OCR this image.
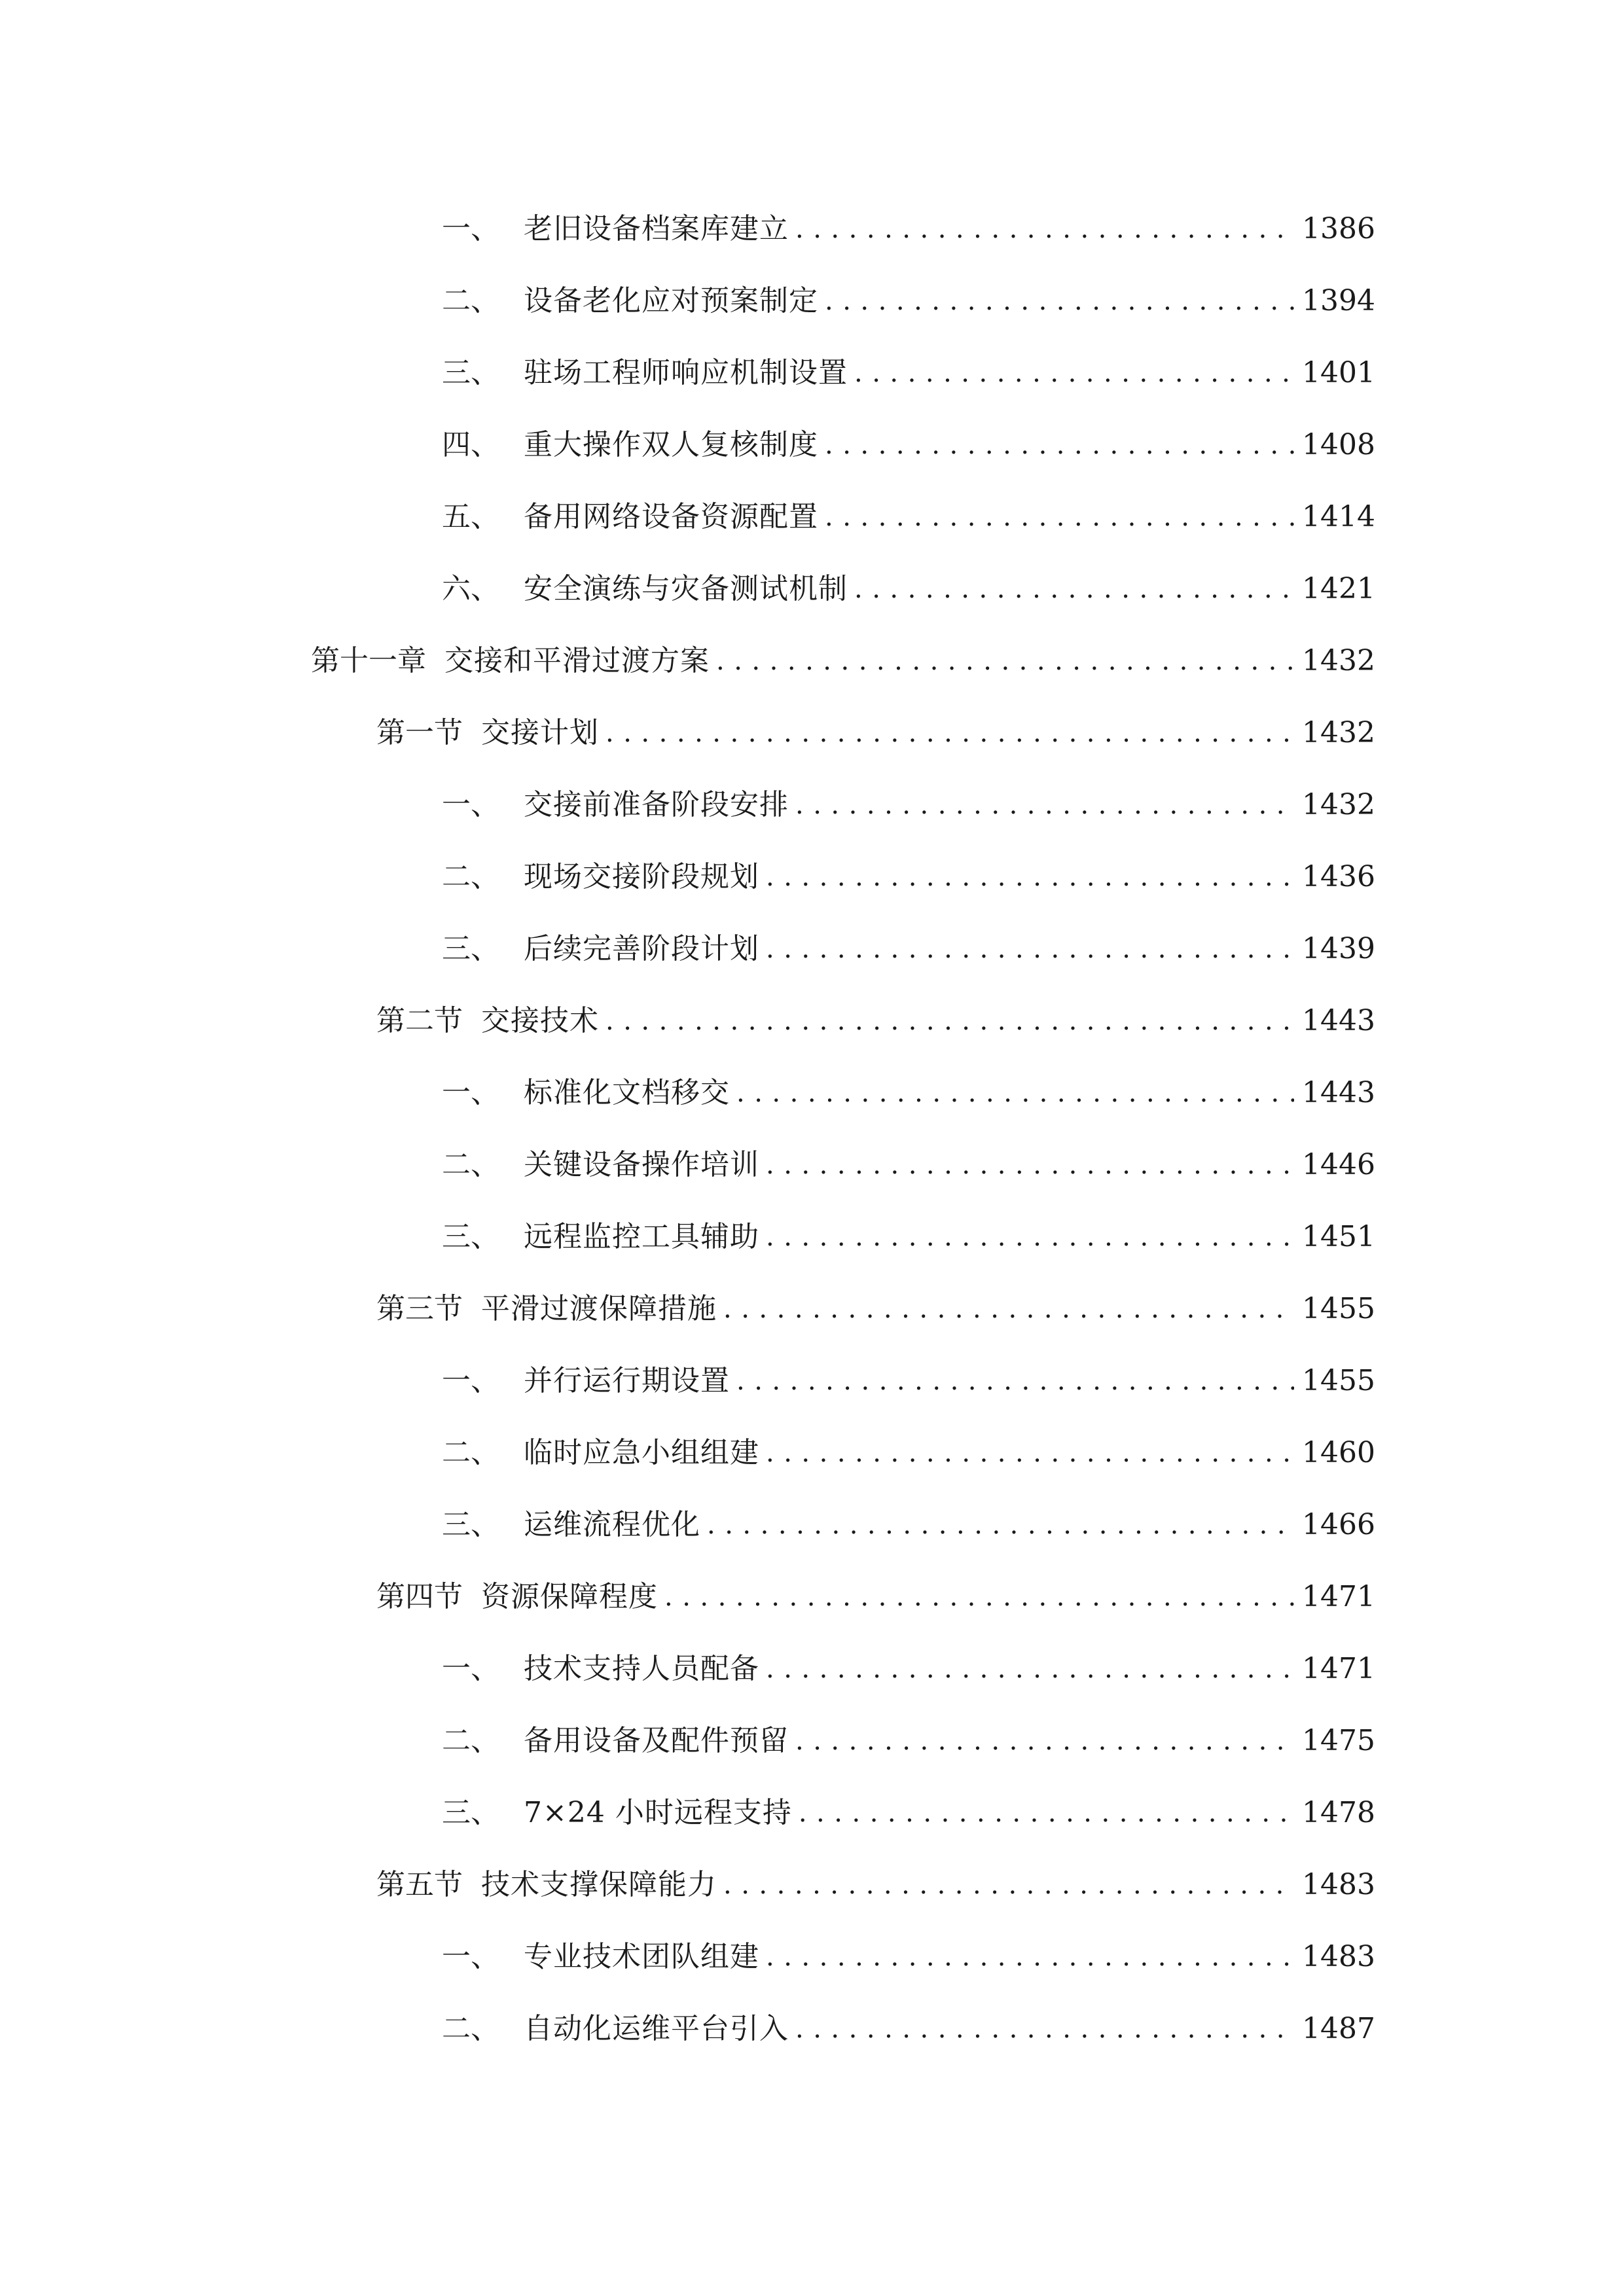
一、 老旧设备档案库建立 .....	1386
二、 设备老化应对预案制定 .....	1394
三、 驻场工程师响应机制设置 .....	1401
四、 重大操作双人复核制度 .....	1408
五、 备用网络设备资源配置 .....	1414
六、 安全演练与灾备测试机制 .....	1421
第十一章 交接和平滑过渡方案 .....	1432
第一节 交接计划 .....	1432
一、 交接前准备阶段安排 .....	1432
二、 现场交接阶段规划 .....	1436
三、 后续完善阶段计划 .....	1439
第二节 交接技术 .....	1443
一、 标准化文档移交 .....	1443
二、 关键设备操作培训 .....	1446
三、 远程监控工具辅助 .....	1451
第三节 平滑过渡保障措施 .....	1455
一、 并行运行期设置 .....	1455
二、 临时应急小组组建 .....	1460
三、 运维流程优化 .....	1466
第四节 资源保障程度 .....	1471
一、 技术支持人员配备 .....	1471
二、 备用设备及配件预留 .....	1475
三、 7×24 小时远程支持 .....	1478
第五节 技术支撑保障能力 .....	1483
一、 专业技术团队组建 .....	1483
二、 自动化运维平台引入 .....	1487
